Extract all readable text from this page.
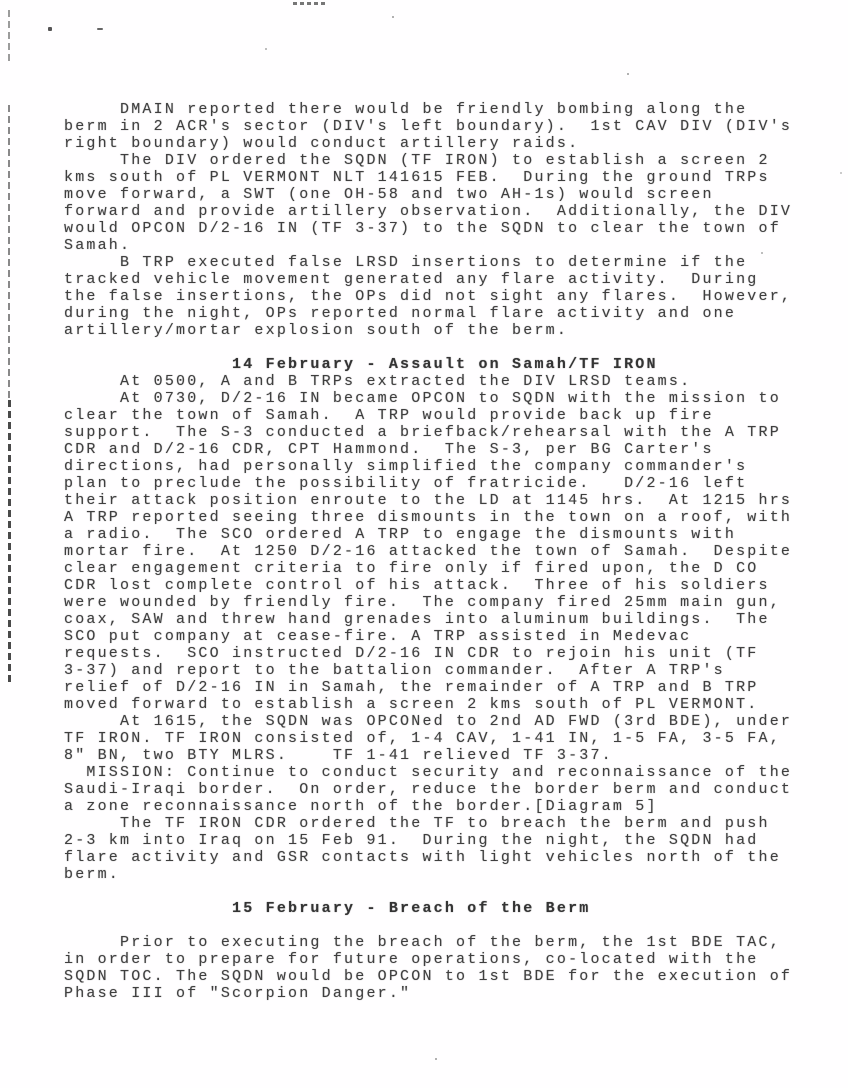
DMAIN reported there would be friendly bombing along the
berm in 2 ACR's sector (DIV's left boundary).  1st CAV DIV (DIV's
right boundary) would conduct artillery raids.
The DIV ordered the SQDN (TF IRON) to establish a screen 2
kms south of PL VERMONT NLT 141615 FEB.  During the ground TRPs
move forward, a SWT (one OH-58 and two AH-1s) would screen
forward and provide artillery observation.  Additionally, the DIV
would OPCON D/2-16 IN (TF 3-37) to the SQDN to clear the town of
Samah.
B TRP executed false LRSD insertions to determine if the
tracked vehicle movement generated any flare activity.  During
the false insertions, the OPs did not sight any flares.  However,
during the night, OPs reported normal flare activity and one
artillery/mortar explosion south of the berm.
14 February - Assault on Samah/TF IRON
At 0500, A and B TRPs extracted the DIV LRSD teams.
At 0730, D/2-16 IN became OPCON to SQDN with the mission to
clear the town of Samah.  A TRP would provide back up fire
support.  The S-3 conducted a briefback/rehearsal with the A TRP
CDR and D/2-16 CDR, CPT Hammond.  The S-3, per BG Carter's
directions, had personally simplified the company commander's
plan to preclude the possibility of fratricide.   D/2-16 left
their attack position enroute to the LD at 1145 hrs.  At 1215 hrs
A TRP reported seeing three dismounts in the town on a roof, with
a radio.  The SCO ordered A TRP to engage the dismounts with
mortar fire.  At 1250 D/2-16 attacked the town of Samah.  Despite
clear engagement criteria to fire only if fired upon, the D CO
CDR lost complete control of his attack.  Three of his soldiers
were wounded by friendly fire.  The company fired 25mm main gun,
coax, SAW and threw hand grenades into aluminum buildings.  The
SCO put company at cease-fire. A TRP assisted in Medevac
requests.  SCO instructed D/2-16 IN CDR to rejoin his unit (TF
3-37) and report to the battalion commander.  After A TRP's
relief of D/2-16 IN in Samah, the remainder of A TRP and B TRP
moved forward to establish a screen 2 kms south of PL VERMONT.
At 1615, the SQDN was OPCONed to 2nd AD FWD (3rd BDE), under
TF IRON. TF IRON consisted of, 1-4 CAV, 1-41 IN, 1-5 FA, 3-5 FA,
8" BN, two BTY MLRS.    TF 1-41 relieved TF 3-37.
MISSION: Continue to conduct security and reconnaissance of the
Saudi-Iraqi border.  On order, reduce the border berm and conduct
a zone reconnaissance north of the border.[Diagram 5]
The TF IRON CDR ordered the TF to breach the berm and push
2-3 km into Iraq on 15 Feb 91.  During the night, the SQDN had
flare activity and GSR contacts with light vehicles north of the
berm.
15 February - Breach of the Berm
Prior to executing the breach of the berm, the 1st BDE TAC,
in order to prepare for future operations, co-located with the
SQDN TOC. The SQDN would be OPCON to 1st BDE for the execution of
Phase III of "Scorpion Danger."
